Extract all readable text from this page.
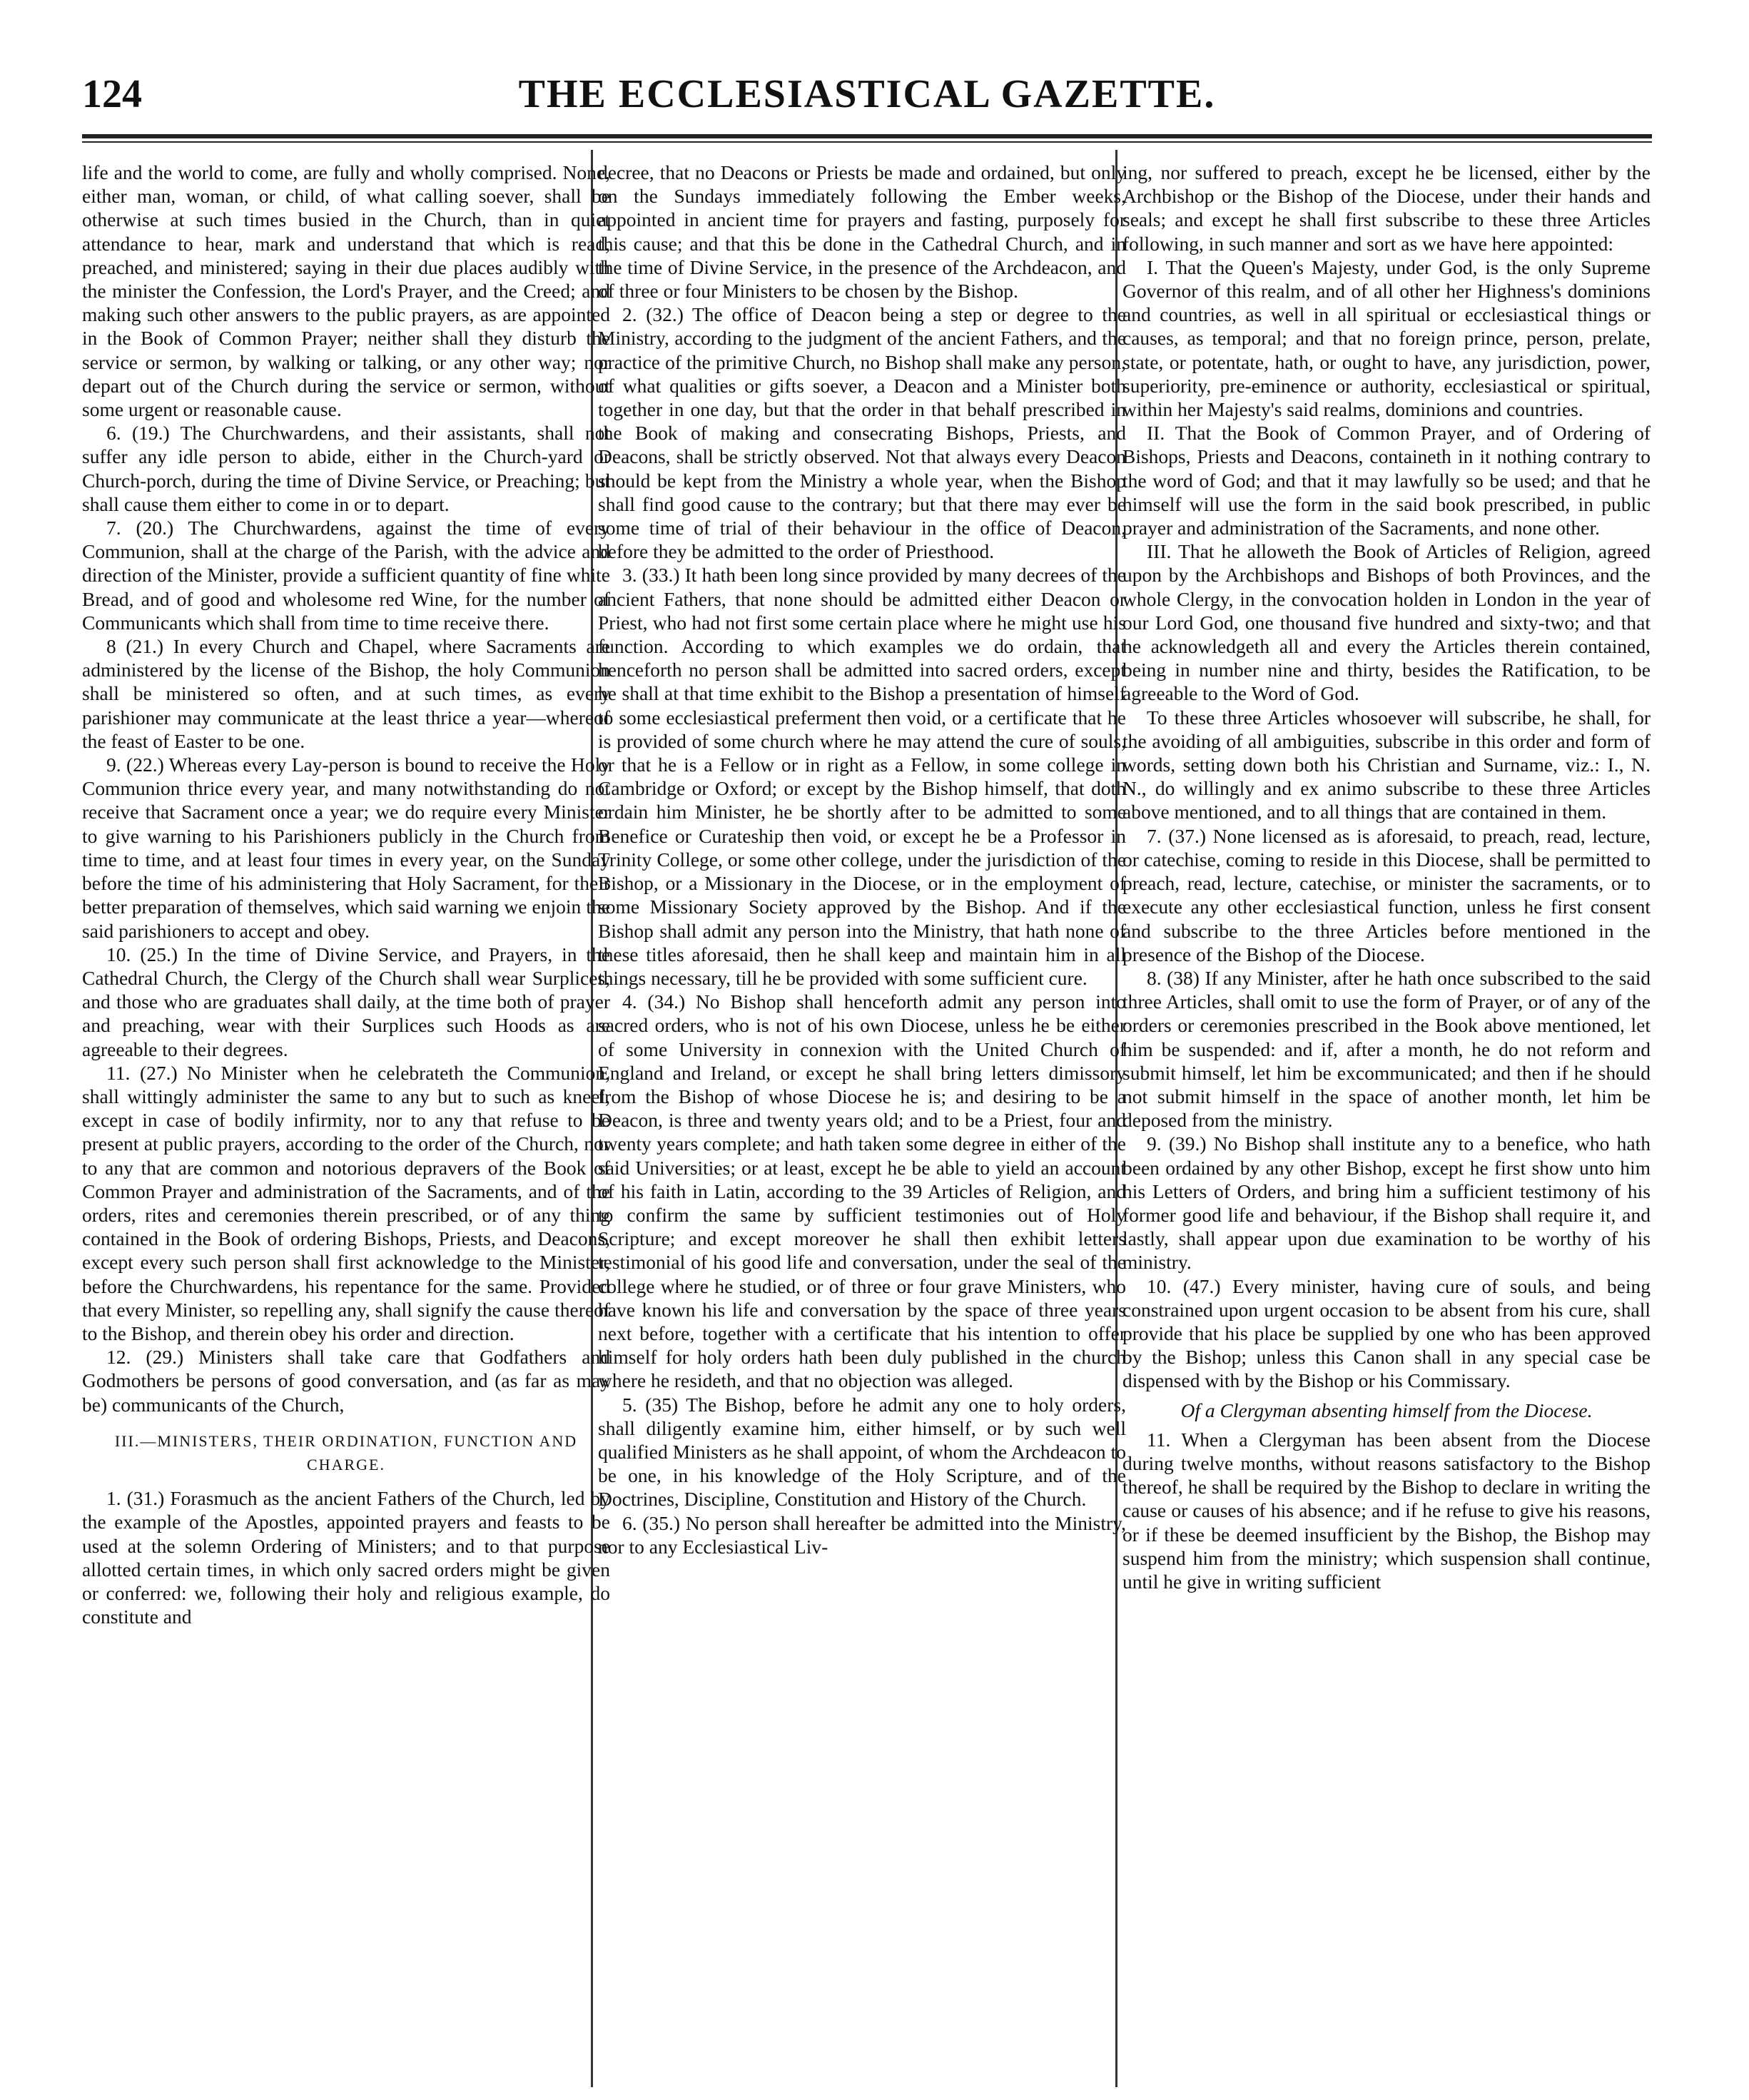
124	THE ECCLESIASTICAL GAZETTE.

life and the world to come, are fully and wholly comprised. None, either man, woman, or child, of what calling soever, shall be otherwise at such times busied in the Church, than in quiet attendance to hear, mark and understand that which is read, preached, and ministered; saying in their due places audibly with the minister the Confession, the Lord's Prayer, and the Creed; and making such other answers to the public prayers, as are appointed in the Book of Common Prayer; neither shall they disturb the service or sermon, by walking or talking, or any other way; nor depart out of the Church during the service or sermon, without some urgent or reasonable cause.

6. (19.) The Churchwardens, and their assistants, shall not suffer any idle person to abide, either in the Church-yard or Church-porch, during the time of Divine Service, or Preaching; but shall cause them either to come in or to depart.

7. (20.) The Churchwardens, against the time of every Communion, shall at the charge of the Parish, with the advice and direction of the Minister, provide a sufficient quantity of fine white Bread, and of good and wholesome red Wine, for the number of Communicants which shall from time to time receive there.

8 (21.) In every Church and Chapel, where Sacraments are administered by the license of the Bishop, the holy Communion shall be ministered so often, and at such times, as every parishioner may communicate at the least thrice a year—whereof the feast of Easter to be one.

9. (22.) Whereas every Lay-person is bound to receive the Holy Communion thrice every year, and many notwithstanding do not receive that Sacrament once a year; we do require every Minister to give warning to his Parishioners publicly in the Church from time to time, and at least four times in every year, on the Sunday before the time of his administering that Holy Sacrament, for their better preparation of themselves, which said warning we enjoin the said parishioners to accept and obey.

10. (25.) In the time of Divine Service, and Prayers, in the Cathedral Church, the Clergy of the Church shall wear Surplices, and those who are graduates shall daily, at the time both of prayer and preaching, wear with their Surplices such Hoods as are agreeable to their degrees.

11. (27.) No Minister when he celebrateth the Communion, shall wittingly administer the same to any but to such as kneel, except in case of bodily infirmity, nor to any that refuse to be present at public prayers, according to the order of the Church, nor to any that are common and notorious depravers of the Book of Common Prayer and administration of the Sacraments, and of the orders, rites and ceremonies therein prescribed, or of any thing contained in the Book of ordering Bishops, Priests, and Deacons, except every such person shall first acknowledge to the Minister, before the Churchwardens, his repentance for the same. Provided that every Minister, so repelling any, shall signify the cause thereof to the Bishop, and therein obey his order and direction.

12. (29.) Ministers shall take care that Godfathers and Godmothers be persons of good conversation, and (as far as may be) communicants of the Church,

III.—MINISTERS, THEIR ORDINATION, FUNCTION AND CHARGE.

1. (31.) Forasmuch as the ancient Fathers of the Church, led by the example of the Apostles, appointed prayers and feasts to be used at the solemn Ordering of Ministers; and to that purpose allotted certain times, in which only sacred orders might be given or conferred: we, following their holy and religious example, do constitute and

decree, that no Deacons or Priests be made and ordained, but only on the Sundays immediately following the Ember weeks, appointed in ancient time for prayers and fasting, purposely for this cause; and that this be done in the Cathedral Church, and in the time of Divine Service, in the presence of the Archdeacon, and of three or four Ministers to be chosen by the Bishop.

2. (32.) The office of Deacon being a step or degree to the Ministry, according to the judgment of the ancient Fathers, and the practice of the primitive Church, no Bishop shall make any person, of what qualities or gifts soever, a Deacon and a Minister both together in one day, but that the order in that behalf prescribed in the Book of making and consecrating Bishops, Priests, and Deacons, shall be strictly observed. Not that always every Deacon should be kept from the Ministry a whole year, when the Bishop shall find good cause to the contrary; but that there may ever be some time of trial of their behaviour in the office of Deacon, before they be admitted to the order of Priesthood.

3. (33.) It hath been long since provided by many decrees of the ancient Fathers, that none should be admitted either Deacon or Priest, who had not first some certain place where he might use his function. According to which examples we do ordain, that henceforth no person shall be admitted into sacred orders, except he shall at that time exhibit to the Bishop a presentation of himself to some ecclesiastical preferment then void, or a certificate that he is provided of some church where he may attend the cure of souls, or that he is a Fellow or in right as a Fellow, in some college in Cambridge or Oxford; or except by the Bishop himself, that doth ordain him Minister, he be shortly after to be admitted to some Benefice or Curateship then void, or except he be a Professor in Trinity College, or some other college, under the jurisdiction of the Bishop, or a Missionary in the Diocese, or in the employment of some Missionary Society approved by the Bishop. And if the Bishop shall admit any person into the Ministry, that hath none of these titles aforesaid, then he shall keep and maintain him in all things necessary, till he be provided with some sufficient cure.

4. (34.) No Bishop shall henceforth admit any person into sacred orders, who is not of his own Diocese, unless he be either of some University in connexion with the United Church of England and Ireland, or except he shall bring letters dimissory from the Bishop of whose Diocese he is; and desiring to be a Deacon, is three and twenty years old; and to be a Priest, four and twenty years complete; and hath taken some degree in either of the said Universities; or at least, except he be able to yield an account of his faith in Latin, according to the 39 Articles of Religion, and to confirm the same by sufficient testimonies out of Holy Scripture; and except moreover he shall then exhibit letters testimonial of his good life and conversation, under the seal of the college where he studied, or of three or four grave Ministers, who have known his life and conversation by the space of three years next before, together with a certificate that his intention to offer himself for holy orders hath been duly published in the church where he resideth, and that no objection was alleged.

5. (35) The Bishop, before he admit any one to holy orders, shall diligently examine him, either himself, or by such well qualified Ministers as he shall appoint, of whom the Archdeacon to be one, in his knowledge of the Holy Scripture, and of the Doctrines, Discipline, Constitution and History of the Church.

6. (35.) No person shall hereafter be admitted into the Ministry, nor to any Ecclesiastical Liv-

ing, nor suffered to preach, except he be licensed, either by the Archbishop or the Bishop of the Diocese, under their hands and seals; and except he shall first subscribe to these three Articles following, in such manner and sort as we have here appointed:

I. That the Queen's Majesty, under God, is the only Supreme Governor of this realm, and of all other her Highness's dominions and countries, as well in all spiritual or ecclesiastical things or causes, as temporal; and that no foreign prince, person, prelate, state, or potentate, hath, or ought to have, any jurisdiction, power, superiority, pre-eminence or authority, ecclesiastical or spiritual, within her Majesty's said realms, dominions and countries.

II. That the Book of Common Prayer, and of Ordering of Bishops, Priests and Deacons, containeth in it nothing contrary to the word of God; and that it may lawfully so be used; and that he himself will use the form in the said book prescribed, in public prayer and administration of the Sacraments, and none other.

III. That he alloweth the Book of Articles of Religion, agreed upon by the Archbishops and Bishops of both Provinces, and the whole Clergy, in the convocation holden in London in the year of our Lord God, one thousand five hundred and sixty-two; and that he acknowledgeth all and every the Articles therein contained, being in number nine and thirty, besides the Ratification, to be agreeable to the Word of God.

To these three Articles whosoever will subscribe, he shall, for the avoiding of all ambiguities, subscribe in this order and form of words, setting down both his Christian and Surname, viz.: I., N. N., do willingly and ex animo subscribe to these three Articles above mentioned, and to all things that are contained in them.

7. (37.) None licensed as is aforesaid, to preach, read, lecture, or catechise, coming to reside in this Diocese, shall be permitted to preach, read, lecture, catechise, or minister the sacraments, or to execute any other ecclesiastical function, unless he first consent and subscribe to the three Articles before mentioned in the presence of the Bishop of the Diocese.

8. (38) If any Minister, after he hath once subscribed to the said three Articles, shall omit to use the form of Prayer, or of any of the orders or ceremonies prescribed in the Book above mentioned, let him be suspended: and if, after a month, he do not reform and submit himself, let him be excommunicated; and then if he should not submit himself in the space of another month, let him be deposed from the ministry.

9. (39.) No Bishop shall institute any to a benefice, who hath been ordained by any other Bishop, except he first show unto him his Letters of Orders, and bring him a sufficient testimony of his former good life and behaviour, if the Bishop shall require it, and lastly, shall appear upon due examination to be worthy of his ministry.

10. (47.) Every minister, having cure of souls, and being constrained upon urgent occasion to be absent from his cure, shall provide that his place be supplied by one who has been approved by the Bishop; unless this Canon shall in any special case be dispensed with by the Bishop or his Commissary.

Of a Clergyman absenting himself from the Diocese.

11. When a Clergyman has been absent from the Diocese during twelve months, without reasons satisfactory to the Bishop thereof, he shall be required by the Bishop to declare in writing the cause or causes of his absence; and if he refuse to give his reasons, or if these be deemed insufficient by the Bishop, the Bishop may suspend him from the ministry; which suspension shall continue, until he give in writing sufficient
